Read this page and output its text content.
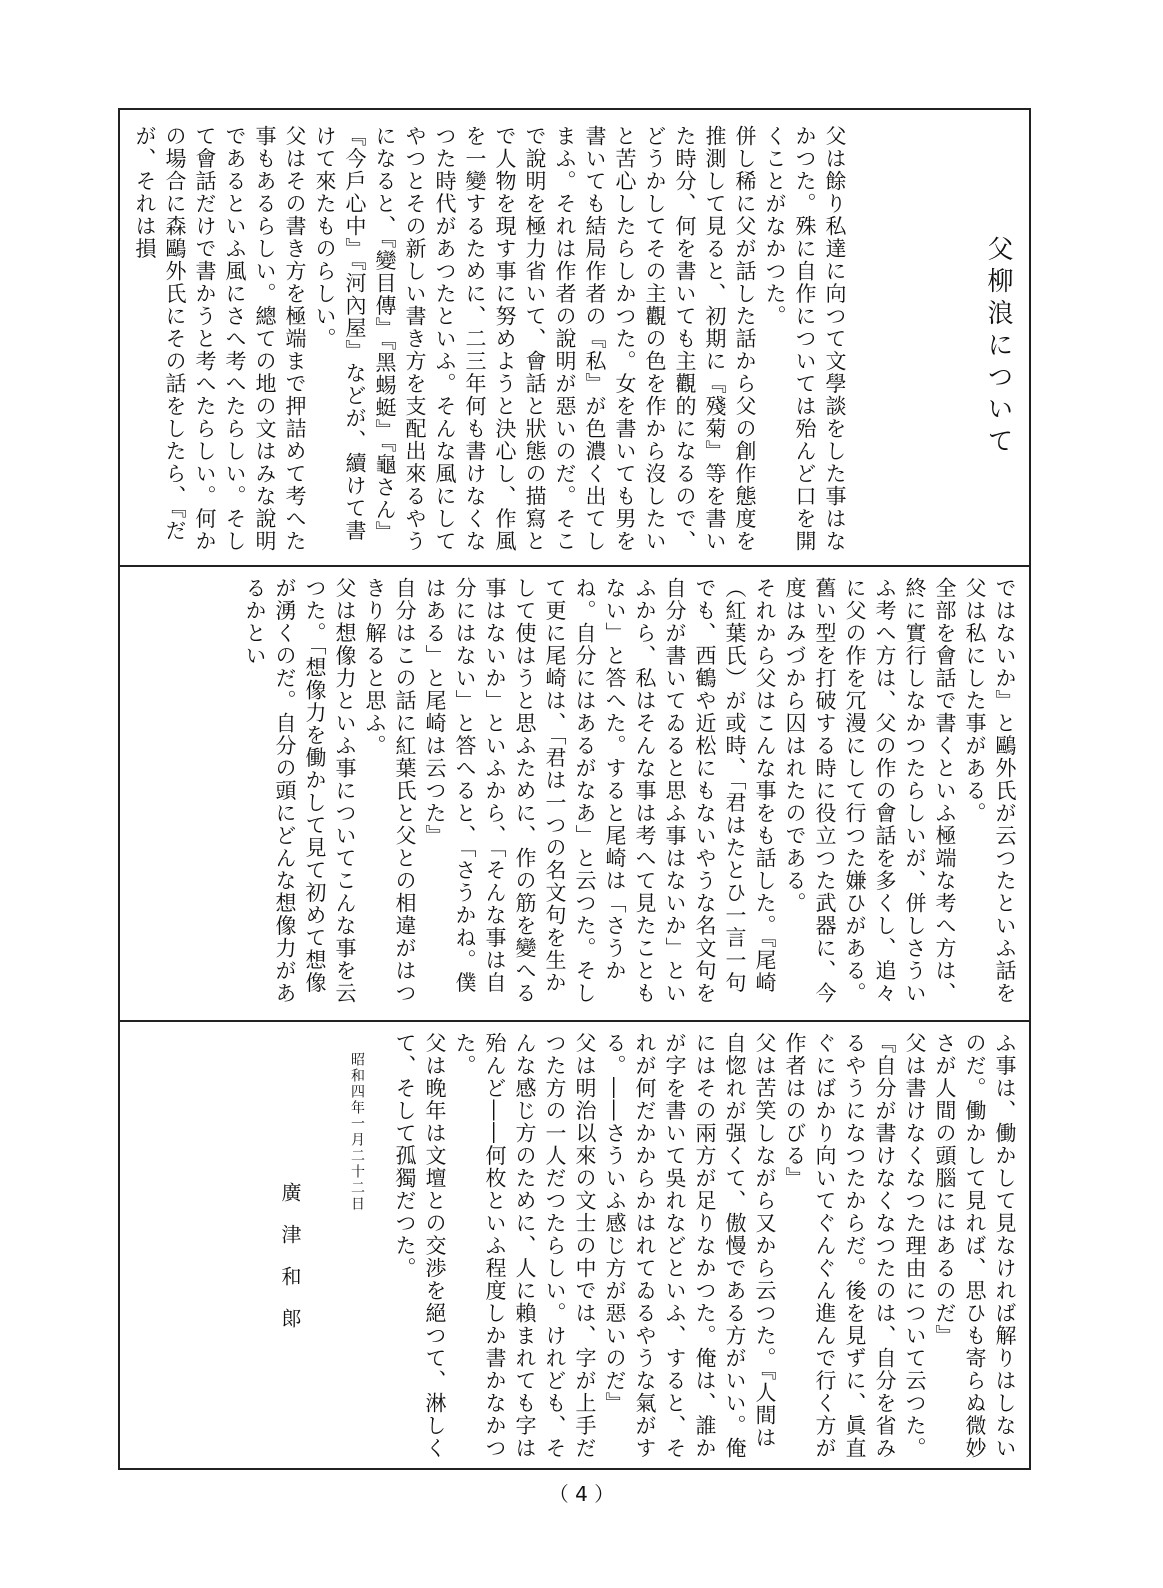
父柳浪について
父は餘り私達に向つて文學談をした事はなかつた。殊に自作については殆んど口を開くことがなかつた。
併し稀に父が話した話から父の創作態度を推測して見ると、初期に『殘菊』等を書いた時分、何を書いても主觀的になるので、どうかしてその主觀の色を作から沒したいと苦心したらしかつた。女を書いても男を書いても結局作者の『私』が色濃く出てしまふ。それは作者の說明が惡いのだ。そこで說明を極力省いて、會話と狀態の描寫とで人物を現す事に努めようと決心し、作風を一變するために、二三年何も書けなくなつた時代があつたといふ。そんな風にしてやつとその新しい書き方を支配出來るやうになると、『變目傳』『黑蜴蜓』『龜さん』『今戶心中』『河內屋』などが、續けて書けて來たものらしい。
父はその書き方を極端まで押詰めて考へた事もあるらしい。總ての地の文はみな說明であるといふ風にさへ考へたらしい。そして會話だけで書かうと考へたらしい。何かの場合に森鷗外氏にその話をしたら、『だが、それは損
ではないか』と鷗外氏が云つたといふ話を父は私にした事がある。
全部を會話で書くといふ極端な考へ方は、終に實行しなかつたらしいが、併しさういふ考へ方は、父の作の會話を多くし、追々に父の作を冗漫にして行つた嫌ひがある。舊い型を打破する時に役立つた武器に、今度はみづから囚はれたのである。
それから父はこんな事をも話した。『尾崎（紅葉氏）が或時、「君はたとひ一言一句でも、西鶴や近松にもないやうな名文句を自分が書いてゐると思ふ事はないか」といふから、私はそんな事は考へて見たこともない」と答へた。すると尾崎は「さうかね。自分にはあるがなあ」と云つた。そして更に尾崎は、「君は一つの名文句を生かして使はうと思ふために、作の筋を變へる事はないか」といふから、「そんな事は自分にはない」と答へると、「さうかね。僕はある」と尾崎は云つた』
自分はこの話に紅葉氏と父との相違がはつきり解ると思ふ。
父は想像力といふ事についてこんな事を云つた。「想像力を働かして見て初めて想像が湧くのだ。自分の頭にどんな想像力があるかとい
ふ事は、働かして見なければ解りはしないのだ。働かして見れば、思ひも寄らぬ微妙さが人間の頭腦にはあるのだ』
父は書けなくなつた理由について云つた。『自分が書けなくなつたのは、自分を省みるやうになつたからだ。後を見ずに、眞直ぐにばかり向いてぐんぐん進んで行く方が作者はのびる』
父は苦笑しながら又から云つた。『人間は自惚れが强くて、傲慢である方がいい。俺にはその兩方が足りなかつた。俺は、誰かが字を書いて吳れなどといふ、すると、それが何だかからかはれてゐるやうな氣がする。――さういふ感じ方が惡いのだ』
父は明治以來の文士の中では、字が上手だつた方の一人だつたらしい。けれども、そんな感じ方のために、人に賴まれても字は殆んど――何枚といふ程度しか書かなかつた。
父は晚年は文壇との交渉を絕つて、淋しくて、そして孤獨だつた。
昭和四年一月二十二日
廣津和郞
（ 4 ）
